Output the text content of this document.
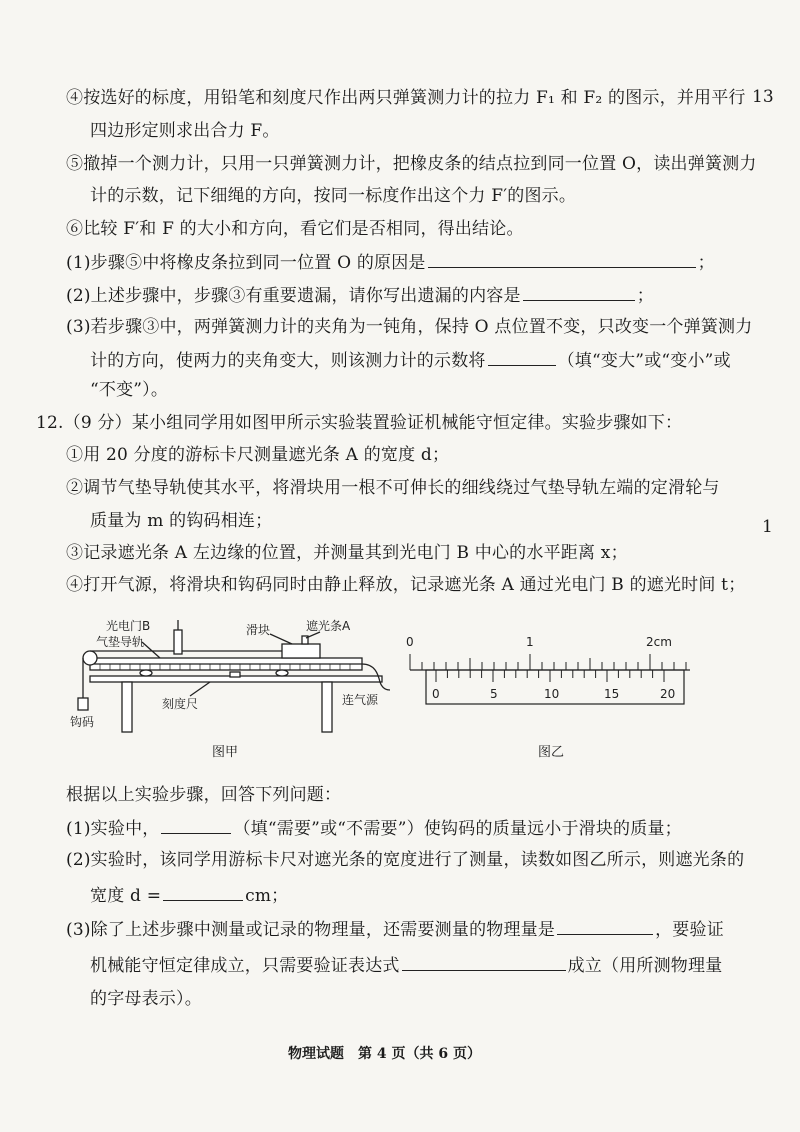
13
1
④按选好的标度，用铅笔和刻度尺作出两只弹簧测力计的拉力 F₁ 和 F₂ 的图示，并用平行
四边形定则求出合力 F。
⑤撤掉一个测力计，只用一只弹簧测力计，把橡皮条的结点拉到同一位置 O，读出弹簧测力
计的示数，记下细绳的方向，按同一标度作出这个力 F′的图示。
⑥比较 F′和 F 的大小和方向，看它们是否相同，得出结论。
(1)步骤⑤中将橡皮条拉到同一位置 O 的原因是	；
(2)上述步骤中，步骤③有重要遗漏，请你写出遗漏的内容是	；
(3)若步骤③中，两弹簧测力计的夹角为一钝角，保持 O 点位置不变，只改变一个弹簧测力
计的方向，使两力的夹角变大，则该测力计的示数将	（填“变大”或“变小”或
“不变”）。
12.（9 分）某小组同学用如图甲所示实验装置验证机械能守恒定律。实验步骤如下：
①用 20 分度的游标卡尺测量遮光条 A 的宽度 d；
②调节气垫导轨使其水平，将滑块用一根不可伸长的细线绕过气垫导轨左端的定滑轮与
质量为 m 的钩码相连；
③记录遮光条 A 左边缘的位置，并测量其到光电门 B 中心的水平距离 x；
④打开气源，将滑块和钩码同时由静止释放，记录遮光条 A 通过光电门 B 的遮光时间 t；
光电门B
气垫导轨
滑块	遮光条A
连气源
刻度尺
钩码
图甲
0	1	2cm
0	5	10	15	20
图乙
根据以上实验步骤，回答下列问题：
(1)实验中，	（填“需要”或“不需要”）使钩码的质量远小于滑块的质量；
(2)实验时，该同学用游标卡尺对遮光条的宽度进行了测量，读数如图乙所示，则遮光条的
宽度 d =	cm；
(3)除了上述步骤中测量或记录的物理量，还需要测量的物理量是	，要验证
机械能守恒定律成立，只需要验证表达式	成立（用所测物理量
的字母表示）。
物理试题　第 4 页（共 6 页）
